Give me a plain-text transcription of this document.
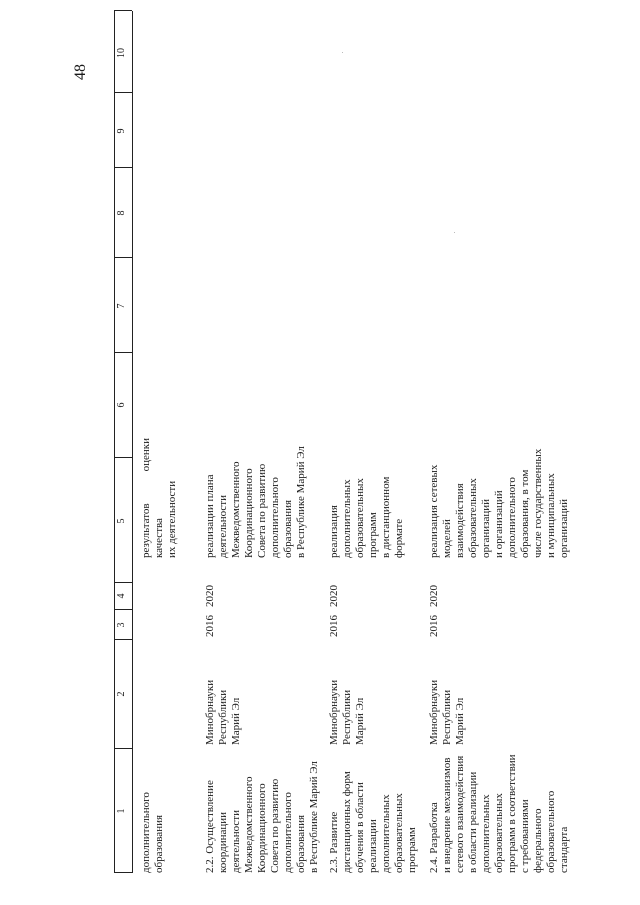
48
1
2
3
4
5
6
7
8
9
10
дополнительного образования
результатов
оценки
качества их деятельности
2.2. Осуществление координации деятельности Межведомственного Координационного Совета по развитию дополнительного образования в Республике Марий Эл
Минобрнауки Республики Марий Эл
2016
2020
реализации плана деятельности Межведомственного Координационного Совета по развитию дополнительного образования в Республике Марий Эл
2.3. Развитие дистанционных форм обучения в области реализации дополнительных образовательных программ
Минобрнауки Республики Марий Эл
2016
2020
реализация дополнительных образовательных программ в дистанционном формате
2.4. Разработка и внедрение механизмов сетевого взаимодействия в области реализации дополнительных образовательных программ в соответствии с требованиями федерального образовательного стандарта
Минобрнауки Республики Марий Эл
2016
2020
реализация сетевых моделей взаимодействия образовательных организаций и организаций дополнительного образования, в том числе государственных и муниципальных организаций
